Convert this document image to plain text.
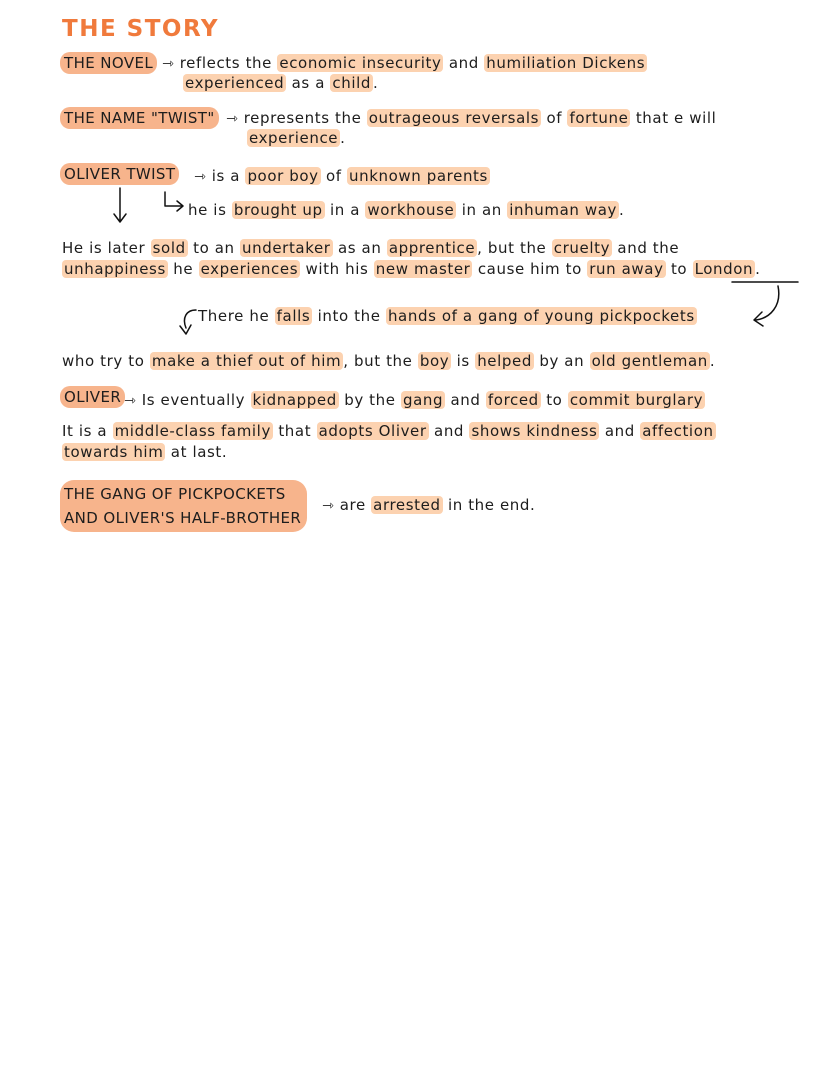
THE STORY
THE NOVEL ⇾ reflects the economic insecurity and humiliation Dickens
experienced as a child .
THE NAME "TWIST" ⇾ represents the outrageous reversals of fortune that e will
experience .
OLIVER TWIST ⇾ is a poor boy of unknown parents
he is brought up in a workhouse in an inhuman way .
He is later sold to an undertaker as an apprentice , but the cruelty and the
unhappiness he experiences with his new master cause him to run away to London .
There he falls into the hands of a gang of young pickpockets
who try to make a thief out of him , but the boy is helped by an old gentleman .
OLIVER ⇾ Is eventually kidnapped by the gang and forced to commit burglary
It is a middle-class family that adopts Oliver and shows kindness and affection
towards him at last.
THE GANG OF PICKPOCKETS
AND OLIVER'S HALF-BROTHER
⇾ are arrested in the end.
